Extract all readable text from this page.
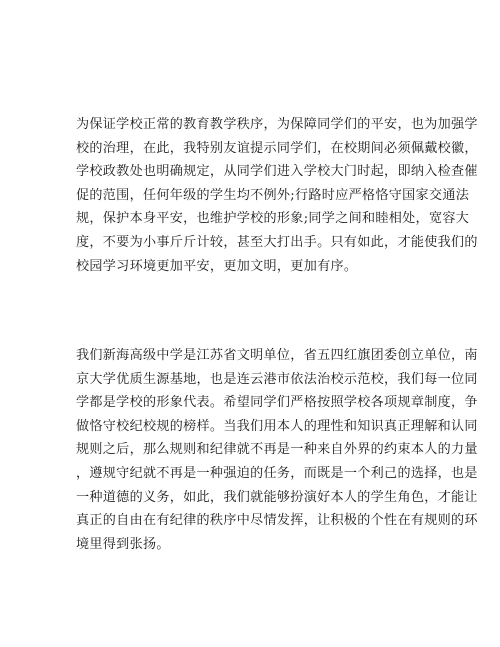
为保证学校正常的教育教学秩序，为保障同学们的平安，也为加强学
校的治理，在此，我特别友谊提示同学们，在校期间必须佩戴校徽，
学校政教处也明确规定，从同学们进入学校大门时起，即纳入检查催
促的范围，任何年级的学生均不例外;行路时应严格恪守国家交通法
规，保护本身平安，也维护学校的形象;同学之间和睦相处，宽容大
度，不要为小事斤斤计较，甚至大打出手。只有如此，才能使我们的
校园学习环境更加平安，更加文明，更加有序。

我们新海高级中学是江苏省文明单位，省五四红旗团委创立单位，南
京大学优质生源基地，也是连云港市依法治校示范校，我们每一位同
学都是学校的形象代表。希望同学们严格按照学校各项规章制度，争
做恪守校纪校规的榜样。当我们用本人的理性和知识真正理解和认同
规则之后，那么规则和纪律就不再是一种来自外界的约束本人的力量
，遵规守纪就不再是一种强迫的任务，而既是一个利己的选择，也是
一种道德的义务，如此，我们就能够扮演好本人的学生角色，才能让
真正的自由在有纪律的秩序中尽情发挥，让积极的个性在有规则的环
境里得到张扬。
